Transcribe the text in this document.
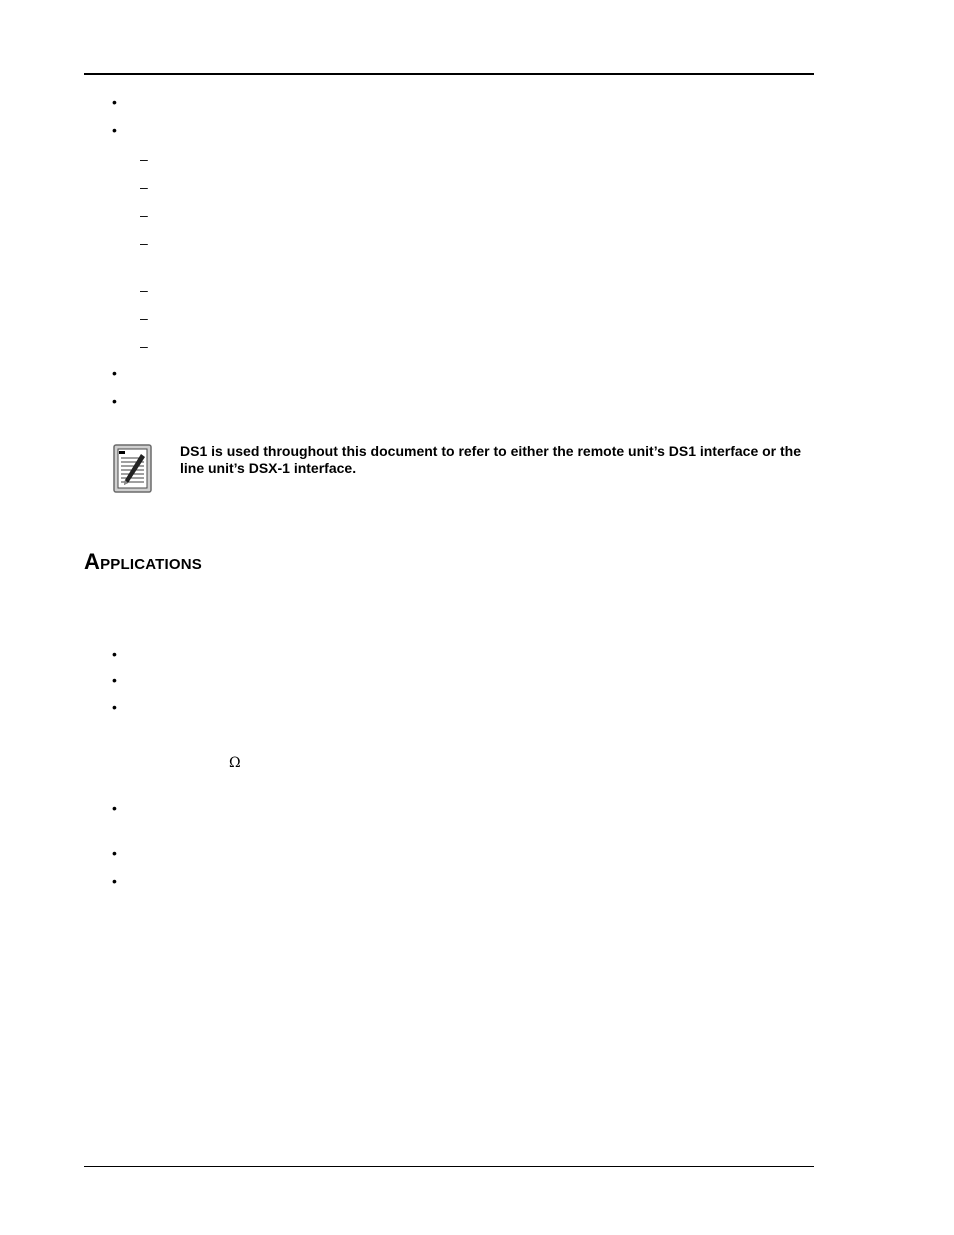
•
•
–
–
–
–
–
–
–
•
•
DS1 is used throughout this document to refer to either the remote unit’s DS1 interface or the line unit’s DSX-1 interface.
Applications
•
•
•
Ω
•
•
•
